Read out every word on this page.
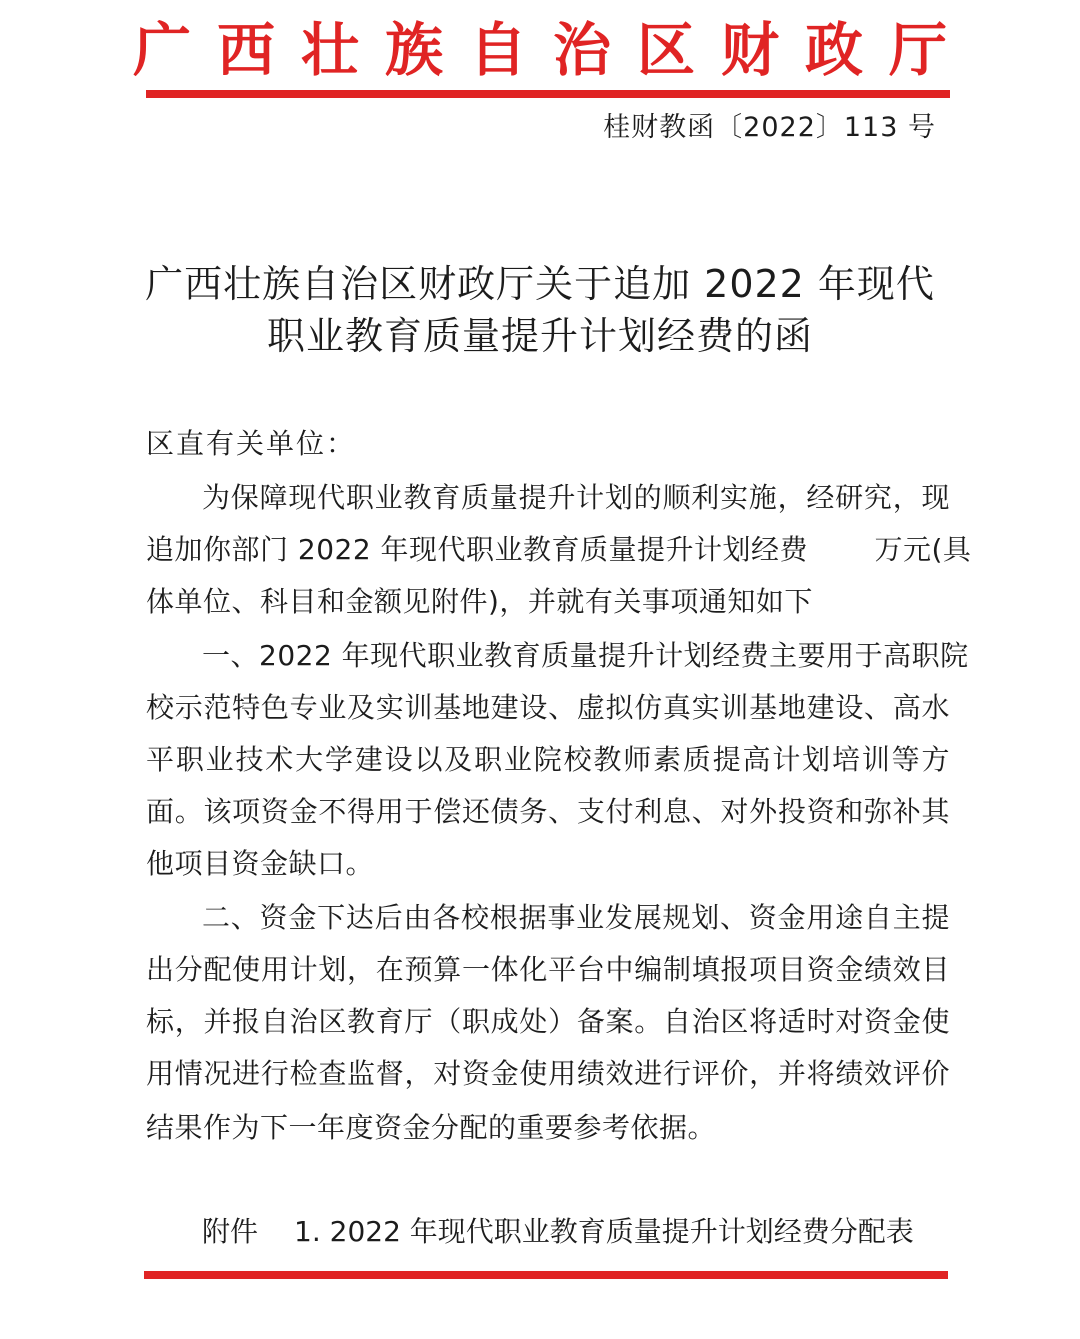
广西壮族自治区财政厅
桂财教函〔2022〕113 号
广西壮族自治区财政厅关于追加 2022 年现代
职业教育质量提升计划经费的函
区直有关单位：
为保障现代职业教育质量提升计划的顺利实施，经研究，现
追加你部门 2022 年现代职业教育质量提升计划经费　　 万元(具
体单位、科目和金额见附件)，并就有关事项通知如下
一、2022 年现代职业教育质量提升计划经费主要用于高职院
校示范特色专业及实训基地建设、虚拟仿真实训基地建设、高水
平职业技术大学建设以及职业院校教师素质提高计划培训等方
面。该项资金不得用于偿还债务、支付利息、对外投资和弥补其
他项目资金缺口。
二、资金下达后由各校根据事业发展规划、资金用途自主提
出分配使用计划，在预算一体化平台中编制填报项目资金绩效目
标，并报自治区教育厅（职成处）备案。自治区将适时对资金使
用情况进行检查监督，对资金使用绩效进行评价，并将绩效评价
结果作为下一年度资金分配的重要参考依据。
附件 1. 2022 年现代职业教育质量提升计划经费分配表
